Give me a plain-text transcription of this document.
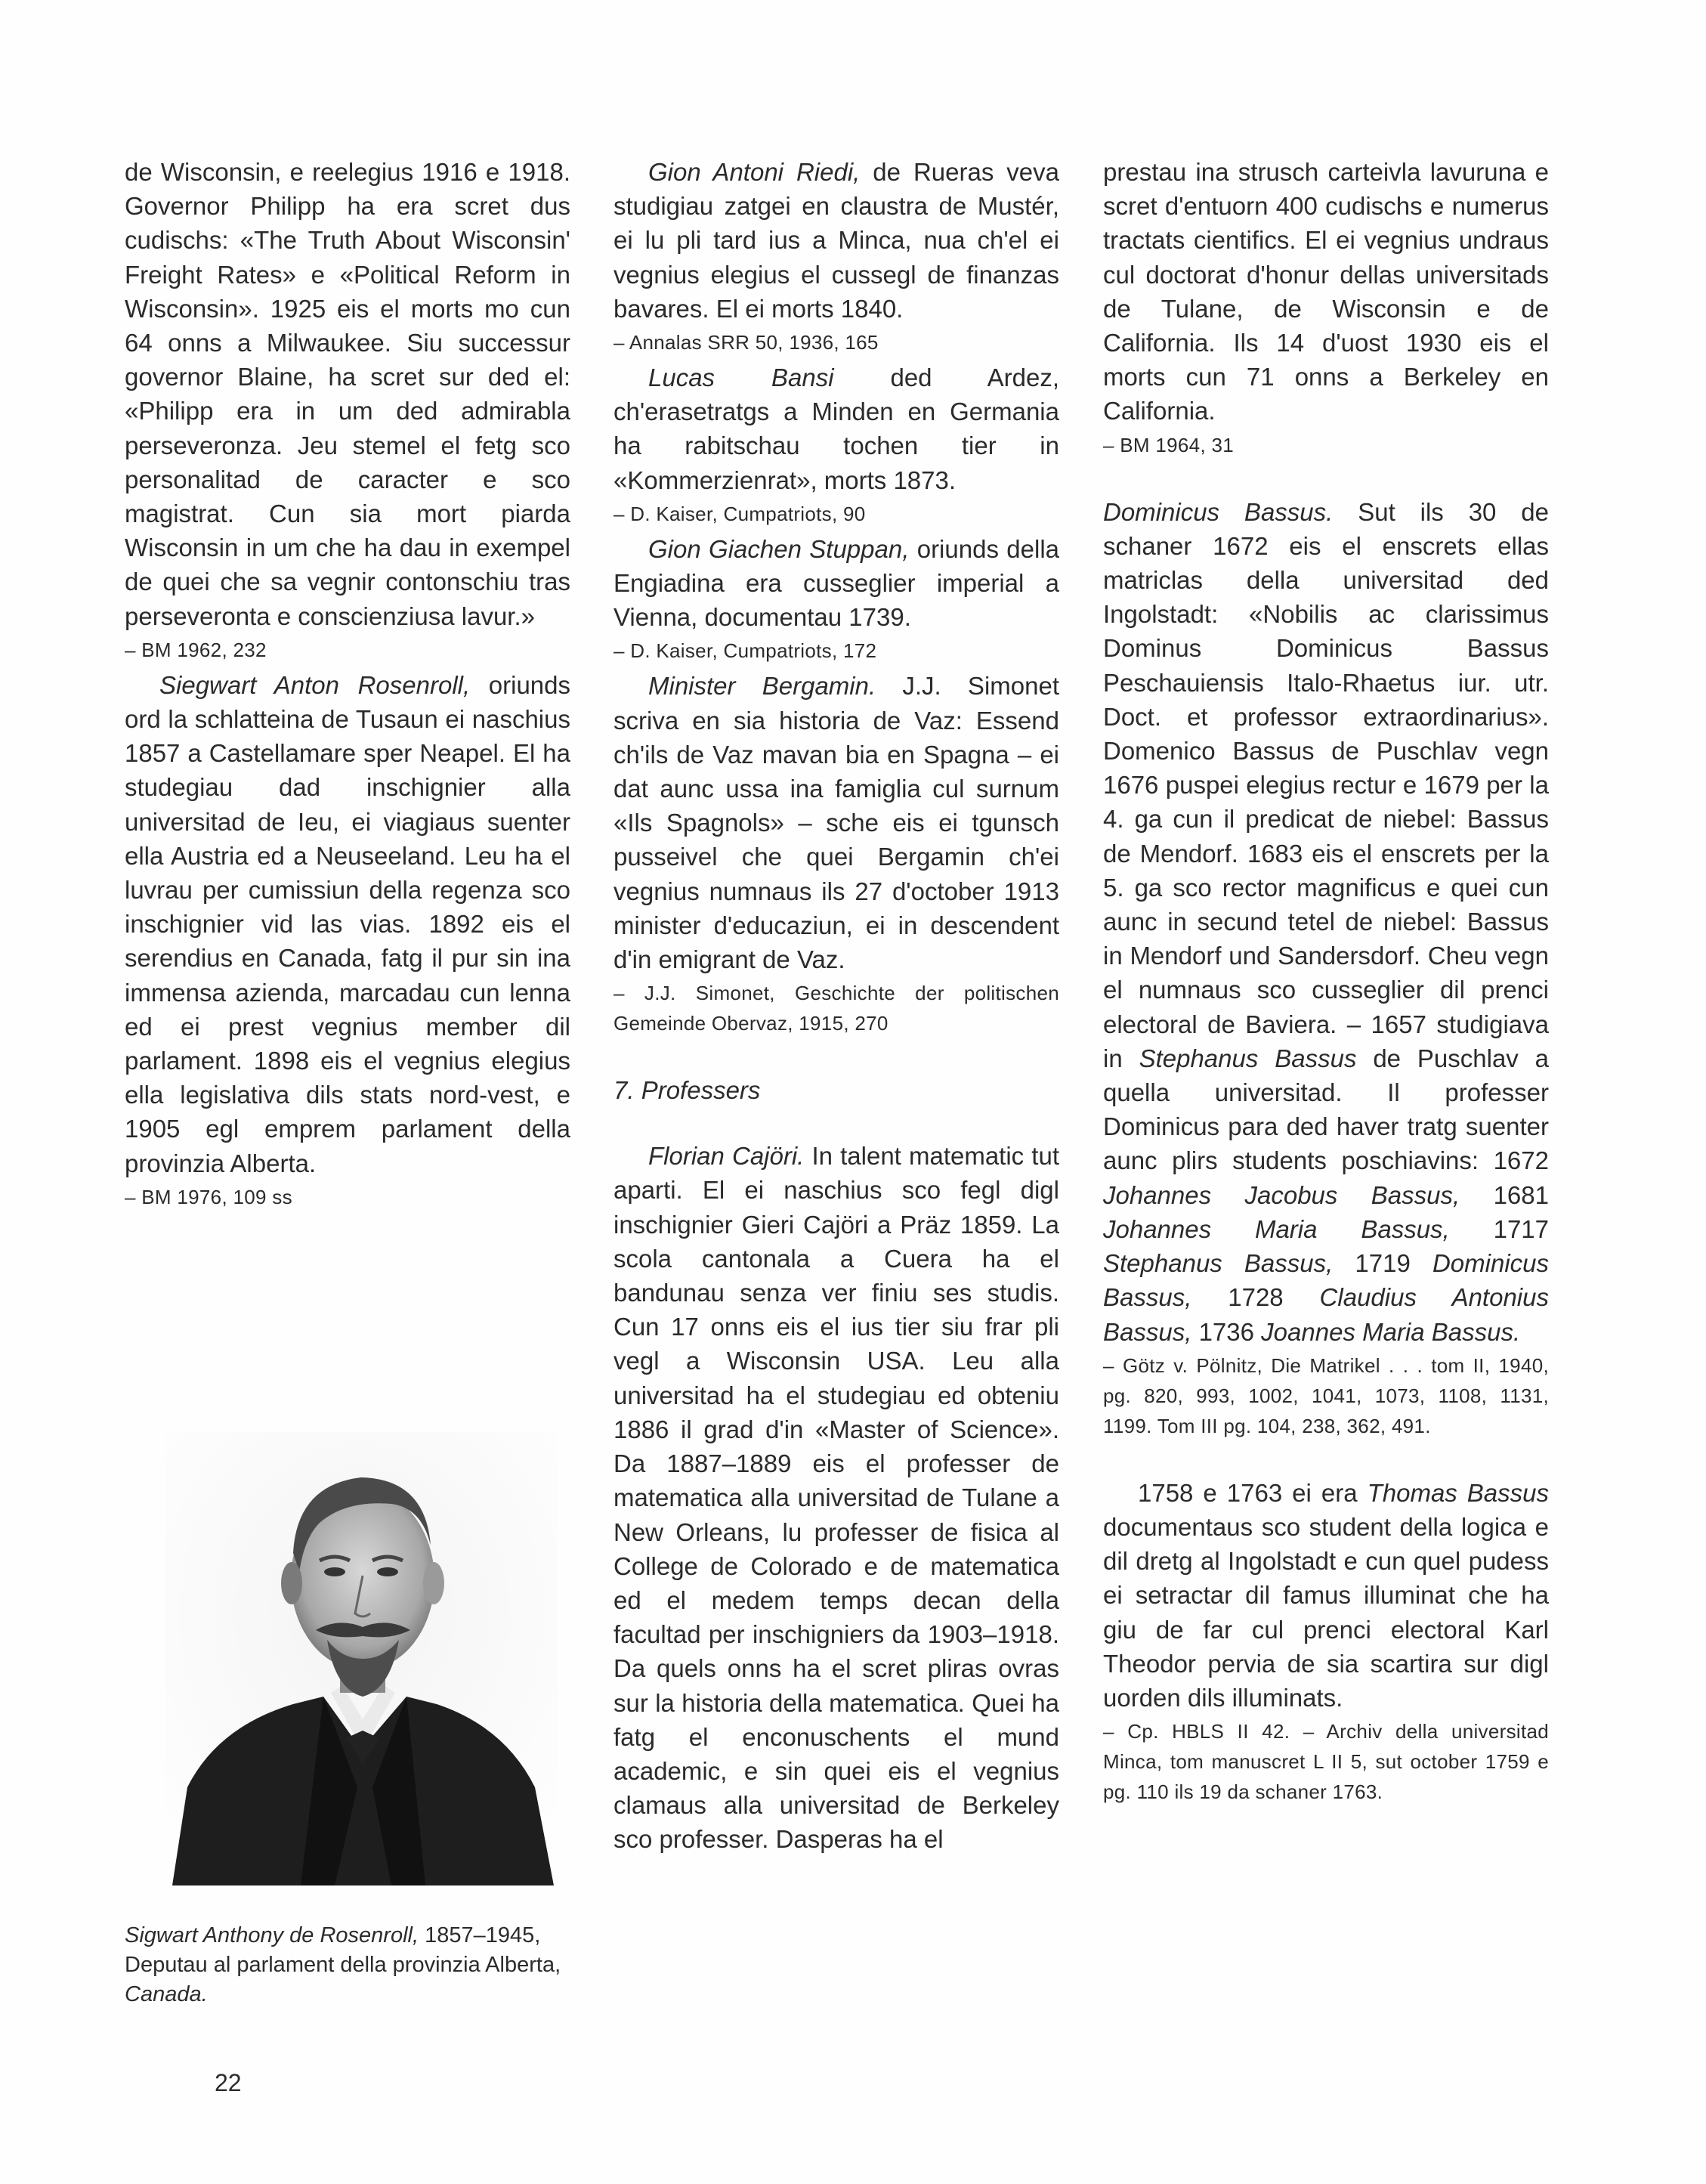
de Wisconsin, e reelegius 1916 e 1918. Governor Philipp ha era scret dus cudischs: «The Truth About Wisconsin' Freight Rates» e «Political Reform in Wisconsin». 1925 eis el morts mo cun 64 onns a Milwaukee. Siu successur governor Blaine, ha scret sur ded el: «Philipp era in um ded admirabla perseveronza. Jeu stemel el fetg sco personalitad de caracter e sco magistrat. Cun sia mort piarda Wisconsin in um che ha dau in exempel de quei che sa vegnir contonschiu tras perseveronta e conscienziusa lavur.»

– BM 1962, 232

Siegwart Anton Rosenroll, oriunds ord la schlatteina de Tusaun ei naschius 1857 a Castellamare sper Neapel. El ha studegiau dad inschignier alla universitad de Ieu, ei viagiaus suenter ella Austria ed a Neuseeland. Leu ha el luvrau per cumissiun della regenza sco inschignier vid las vias. 1892 eis el serendius en Canada, fatg il pur sin ina immensa azienda, marcadau cun lenna ed ei prest vegnius member dil parlament. 1898 eis el vegnius elegius ella legislativa dils stats nord-vest, e 1905 egl emprem parlament della provinzia Alberta.

– BM 1976, 109 ss

Sigwart Anthony de Rosenroll, 1857–1945, Deputau al parlament della provinzia Alberta, Canada.

22

Gion Antoni Riedi, de Rueras veva studigiau zatgei en claustra de Mustér, ei lu pli tard ius a Minca, nua ch'el ei vegnius elegius el cussegl de finanzas bavares. El ei morts 1840.

– Annalas SRR 50, 1936, 165

Lucas Bansi ded Ardez, ch'erasetratgs a Minden en Germania ha rabitschau tochen tier in «Kommerzienrat», morts 1873.

– D. Kaiser, Cumpatriots, 90

Gion Giachen Stuppan, oriunds della Engiadina era cusseglier imperial a Vienna, documentau 1739.

– D. Kaiser, Cumpatriots, 172

Minister Bergamin. J.J. Simonet scriva en sia historia de Vaz: Essend ch'ils de Vaz mavan bia en Spagna – ei dat aunc ussa ina famiglia cul surnum «Ils Spagnols» – sche eis ei tgunsch pusseivel che quei Bergamin ch'ei vegnius numnaus ils 27 d'october 1913 minister d'educaziun, ei in descendent d'in emigrant de Vaz.

– J.J. Simonet, Geschichte der politischen Gemeinde Obervaz, 1915, 270

7. Professers

Florian Cajöri. In talent matematic tut aparti. El ei naschius sco fegl digl inschignier Gieri Cajöri a Präz 1859. La scola cantonala a Cuera ha el bandunau senza ver finiu ses studis. Cun 17 onns eis el ius tier siu frar pli vegl a Wisconsin USA. Leu alla universitad ha el studegiau ed obteniu 1886 il grad d'in «Master of Science». Da 1887–1889 eis el professer de matematica alla universitad de Tulane a New Orleans, lu professer de fisica al College de Colorado e de matematica ed el medem temps decan della facultad per inschigniers da 1903–1918. Da quels onns ha el scret pliras ovras sur la historia della matematica. Quei ha fatg el enconuschents el mund academic, e sin quei eis el vegnius clamaus alla universitad de Berkeley sco professer. Dasperas ha el

prestau ina strusch carteivla lavuruna e scret d'entuorn 400 cudischs e numerus tractats cientifics. El ei vegnius undraus cul doctorat d'honur dellas universitads de Tulane, de Wisconsin e de California. Ils 14 d'uost 1930 eis el morts cun 71 onns a Berkeley en California.

– BM 1964, 31

Dominicus Bassus. Sut ils 30 de schaner 1672 eis el enscrets ellas matriclas della universitad ded Ingolstadt: «Nobilis ac clarissimus Dominus Dominicus Bassus Peschauiensis Italo-Rhaetus iur. utr. Doct. et professor extraordinarius». Domenico Bassus de Puschlav vegn 1676 puspei elegius rectur e 1679 per la 4. ga cun il predicat de niebel: Bassus de Mendorf. 1683 eis el enscrets per la 5. ga sco rector magnificus e quei cun aunc in secund tetel de niebel: Bassus in Mendorf und Sandersdorf. Cheu vegn el numnaus sco cusseglier dil prenci electoral de Baviera. – 1657 studigiava in Stephanus Bassus de Puschlav a quella universitad. Il professer Dominicus para ded haver tratg suenter aunc plirs students poschiavins: 1672 Johannes Jacobus Bassus, 1681 Johannes Maria Bassus, 1717 Stephanus Bassus, 1719 Dominicus Bassus, 1728 Claudius Antonius Bassus, 1736 Joannes Maria Bassus.

– Götz v. Pölnitz, Die Matrikel . . . tom II, 1940, pg. 820, 993, 1002, 1041, 1073, 1108, 1131, 1199. Tom III pg. 104, 238, 362, 491.

1758 e 1763 ei era Thomas Bassus documentaus sco student della logica e dil dretg al Ingolstadt e cun quel pudess ei setractar dil famus illuminat che ha giu de far cul prenci electoral Karl Theodor pervia de sia scartira sur digl uorden dils illuminats.

– Cp. HBLS II 42. – Archiv della universitad Minca, tom manuscret L II 5, sut october 1759 e pg. 110 ils 19 da schaner 1763.
